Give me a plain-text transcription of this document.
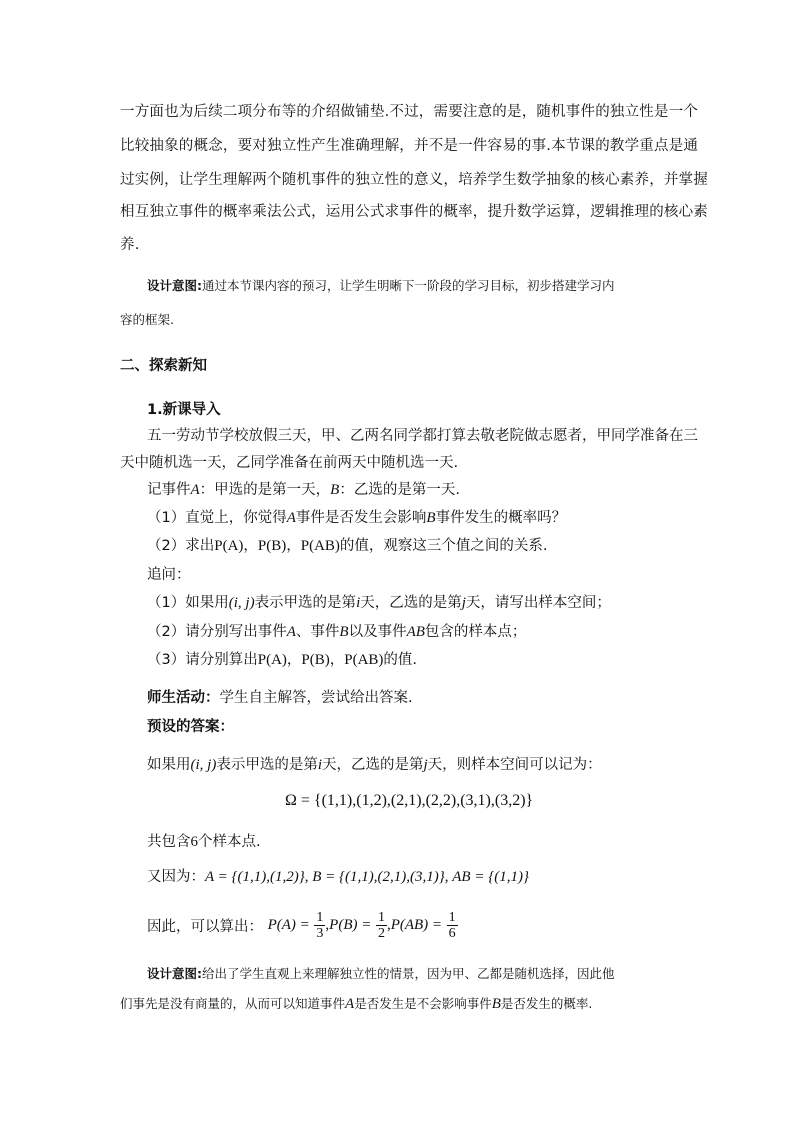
一方面也为后续二项分布等的介绍做铺垫.不过，需要注意的是，随机事件的独立性是一个
比较抽象的概念，要对独立性产生准确理解，并不是一件容易的事.本节课的教学重点是通
过实例，让学生理解两个随机事件的独立性的意义，培养学生数学抽象的核心素养，并掌握
相互独立事件的概率乘法公式，运用公式求事件的概率，提升数学运算，逻辑推理的核心素
养.
设计意图:通过本节课内容的预习，让学生明晰下一阶段的学习目标，初步搭建学习内
容的框架.
二、探索新知
1.新课导入
五一劳动节学校放假三天，甲、乙两名同学都打算去敬老院做志愿者，甲同学准备在三
天中随机选一天，乙同学准备在前两天中随机选一天.
记事件A：甲选的是第一天，B：乙选的是第一天.
（1）直觉上，你觉得A事件是否发生会影响B事件发生的概率吗？
（2）求出P(A)，P(B)，P(AB)的值，观察这三个值之间的关系.
追问：
（1）如果用(i, j)表示甲选的是第i天，乙选的是第j天，请写出样本空间；
（2）请分别写出事件A、事件B以及事件AB包含的样本点；
（3）请分别算出P(A)，P(B)，P(AB)的值.
师生活动：学生自主解答，尝试给出答案.
预设的答案：
如果用(i, j)表示甲选的是第i天，乙选的是第j天，则样本空间可以记为：
Ω = {(1,1),(1,2),(2,1),(2,2),(3,1),(3,2)}
共包含6个样本点.
又因为：A = {(1,1),(1,2)}, B = {(1,1),(2,1),(3,1)}, AB = {(1,1)}
因此，可以算出： $P(A) = \frac{1}{3} ,P(B) = \frac{1}{2} ,P(AB) = \frac{1}{6}$
设计意图:给出了学生直观上来理解独立性的情景，因为甲、乙都是随机选择，因此他
们事先是没有商量的，从而可以知道事件A是否发生是不会影响事件B是否发生的概率.
